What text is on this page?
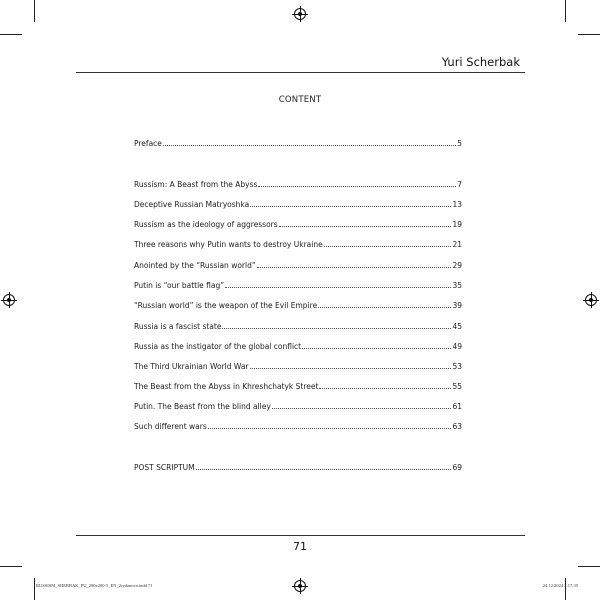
Yuri Scherbak
CONTENT
Preface	5
Russism: A Beast from the Abyss	7
Deceptive Russian Matryoshka	13
Russism as the ideology of aggressors	19
Three reasons why Putin wants to destroy Ukraine	21
Anointed by the “Russian world”	29
Putin is “our battle flag”	35
“Russian world” is the weapon of the Evil Empire	39
Russia is a fascist state	45
Russia as the instigator of the global conflict	49
The Third Ukrainian World War	53
The Beast from the Abyss in Khreshchatyk Street	55
Putin. The Beast from the blind alley	61
Such different wars	63
POST SCRIPTUM	69
71
RUSSISM_SHERBAK_PU_200x200-5_EN_2rydanova.indd 71	24.12.2024 2:17:35
